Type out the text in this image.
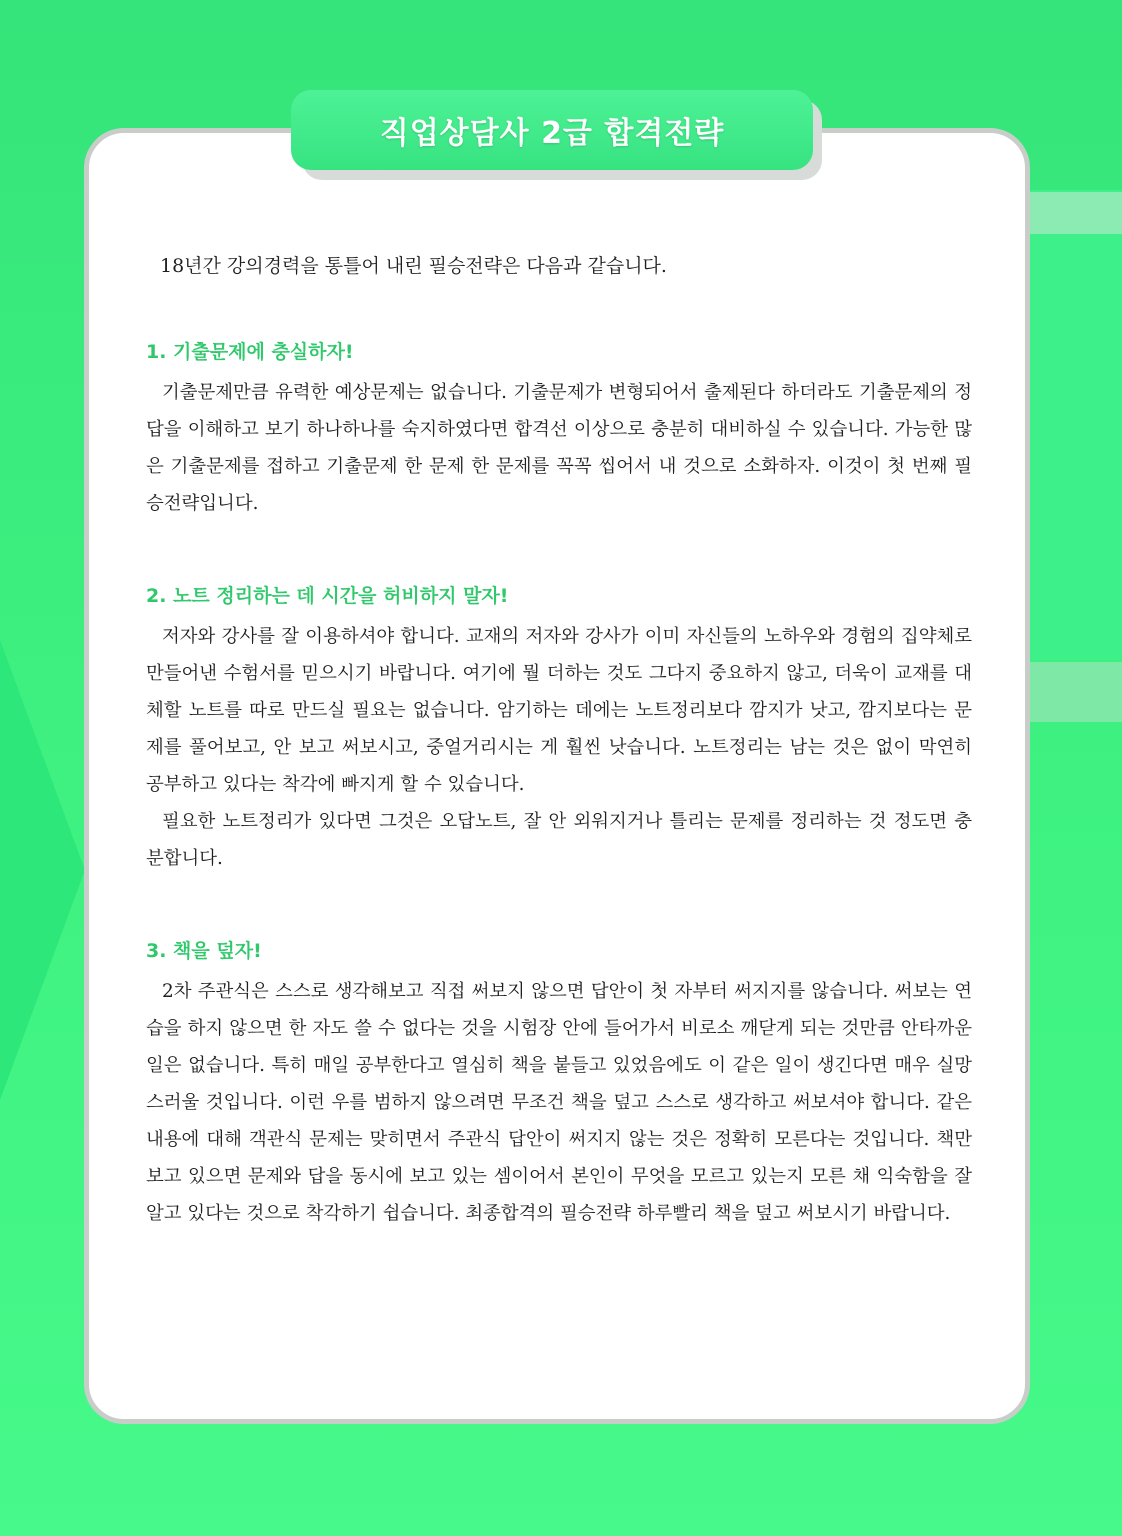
직업상담사 2급 합격전략

18년간 강의경력을 통틀어 내린 필승전략은 다음과 같습니다.

1. 기출문제에 충실하자!

기출문제만큼 유력한 예상문제는 없습니다. 기출문제가 변형되어서 출제된다 하더라도 기출문제의 정답을 이해하고 보기 하나하나를 숙지하였다면 합격선 이상으로 충분히 대비하실 수 있습니다. 가능한 많은 기출문제를 접하고 기출문제 한 문제 한 문제를 꼭꼭 씹어서 내 것으로 소화하자. 이것이 첫 번째 필승전략입니다.

2. 노트 정리하는 데 시간을 허비하지 말자!

저자와 강사를 잘 이용하셔야 합니다. 교재의 저자와 강사가 이미 자신들의 노하우와 경험의 집약체로 만들어낸 수험서를 믿으시기 바랍니다. 여기에 뭘 더하는 것도 그다지 중요하지 않고, 더욱이 교재를 대체할 노트를 따로 만드실 필요는 없습니다. 암기하는 데에는 노트정리보다 깜지가 낫고, 깜지보다는 문제를 풀어보고, 안 보고 써보시고, 중얼거리시는 게 훨씬 낫습니다. 노트정리는 남는 것은 없이 막연히 공부하고 있다는 착각에 빠지게 할 수 있습니다.

필요한 노트정리가 있다면 그것은 오답노트, 잘 안 외워지거나 틀리는 문제를 정리하는 것 정도면 충분합니다.

3. 책을 덮자!

2차 주관식은 스스로 생각해보고 직접 써보지 않으면 답안이 첫 자부터 써지지를 않습니다. 써보는 연습을 하지 않으면 한 자도 쓸 수 없다는 것을 시험장 안에 들어가서 비로소 깨닫게 되는 것만큼 안타까운 일은 없습니다. 특히 매일 공부한다고 열심히 책을 붙들고 있었음에도 이 같은 일이 생긴다면 매우 실망스러울 것입니다. 이런 우를 범하지 않으려면 무조건 책을 덮고 스스로 생각하고 써보셔야 합니다. 같은 내용에 대해 객관식 문제는 맞히면서 주관식 답안이 써지지 않는 것은 정확히 모른다는 것입니다. 책만 보고 있으면 문제와 답을 동시에 보고 있는 셈이어서 본인이 무엇을 모르고 있는지 모른 채 익숙함을 잘 알고 있다는 것으로 착각하기 쉽습니다. 최종합격의 필승전략 하루빨리 책을 덮고 써보시기 바랍니다.
